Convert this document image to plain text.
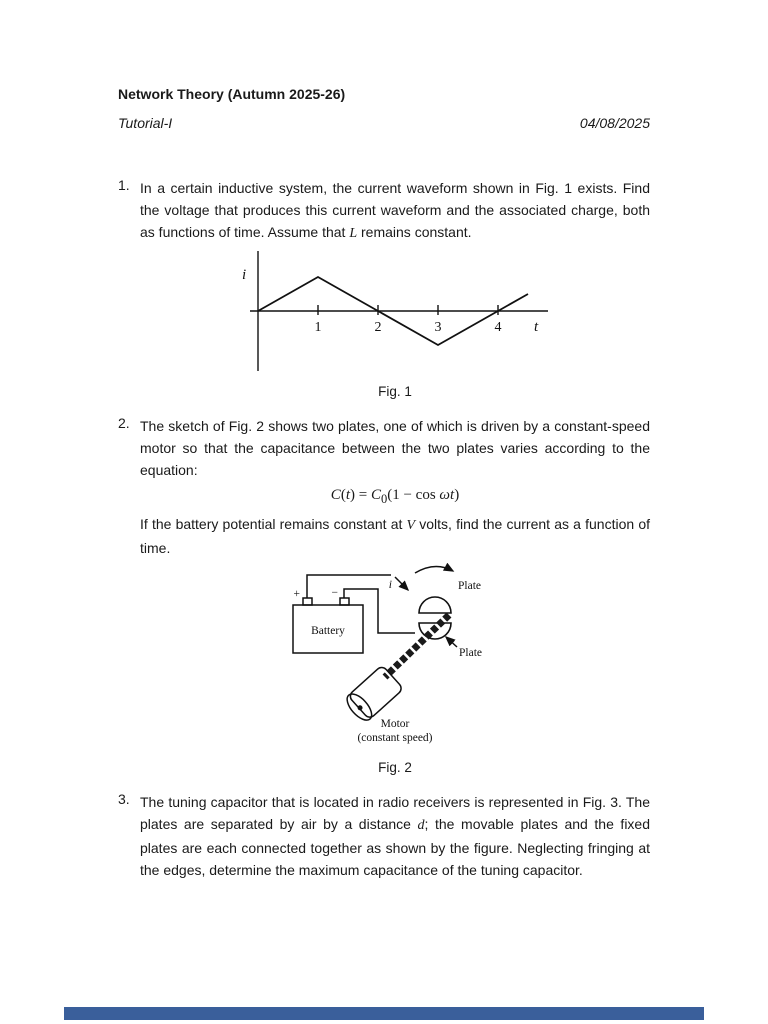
Network Theory (Autumn 2025-26)
Tutorial-I	04/08/2025
1. In a certain inductive system, the current waveform shown in Fig. 1 exists. Find the voltage that produces this current waveform and the associated charge, both as functions of time. Assume that L remains constant.

1	2	3	4
i
t
Fig. 1
2. The sketch of Fig. 2 shows two plates, one of which is driven by a constant-speed motor so that the capacitance between the two plates varies according to the equation:

$C(t) = C_0(1 - \cos \omega t)$

If the battery potential remains constant at V volts, find the current as a function of time.

Battery
+	−
i	Plate
Plate
Motor
(constant speed)
Fig. 2
3. The tuning capacitor that is located in radio receivers is represented in Fig. 3. The plates are separated by air by a distance d; the movable plates and the fixed plates are each connected together as shown by the figure. Neglecting fringing at the edges, determine the maximum capacitance of the tuning capacitor.
